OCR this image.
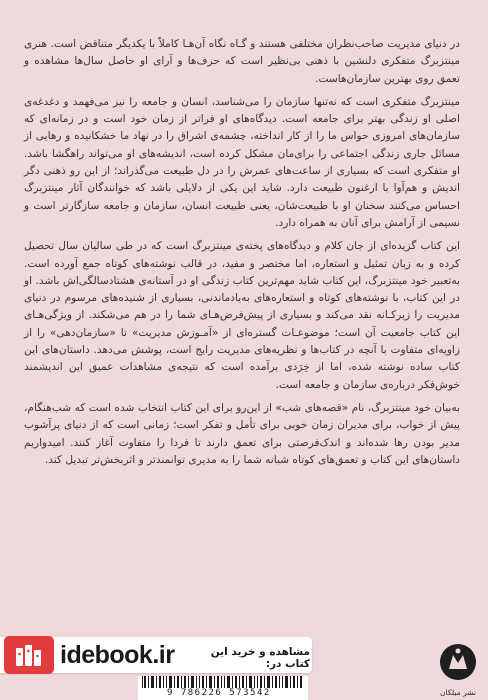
در دنیای مدیریت صاحب‌نظران مختلفی هستند و گـاه نگاه آن‌هـا کاملاً با یکدیگر متناقض است. هنری مینتزبرگ متفکری دلنشین با ذهنی بی‌نظیر است که حرف‌ها و آرای او حاصل سال‌ها مشاهده و تعمق روی بهترین سازمان‌هاست.

مینتزبرگ متفکری است که نه‌تنها سازمان را می‌شناسد، انسان و جامعه را نیز می‌فهمد و دغدغه‌ی اصلی او زندگی بهتر برای جامعه است. دیدگاه‌های او فراتر از زمان خود است و در زمانه‌ای که سازمان‌های امروزی حواس ما را از کار انداخته، چشمه‌ی اشراق را در نهاد ما خشکانیده و رهایی از مسائل جاری زندگی اجتماعی را برای‌مان مشکل کرده است، اندیشه‌های او می‌تواند راهگشا باشد. او متفکری است که بسیاری از ساعت‌های عمرش را در دل طبیعت می‌گذراند؛ از این رو ذهنی دگر اندیش و هم‌آوا با ارغنون طبیعت دارد. شاید این یکی از دلایلی باشد که خوانندگان آثار مینتزبرگ احساس می‌کنند سخنان او با طبیعت‌شان، یعنی طبیعت انسان، سازمان و جامعه سازگارتر است و نسیمی از آرامش برای آنان به همراه دارد.

این کتاب گزیده‌ای از جان کلام و دیدگاه‌های پخته‌ی مینتزبرگ است که در طی سالیان سال تحصیل کرده و به زبان تمثیل و استعاره، اما مختصر و مفید، در قالب نوشته‌های کوتاه جمع آورده است. به‌تعبیر خود مینتزبرگ، این کتاب شاید مهم‌ترین کتاب زندگی او در آستانه‌ی هشتادسالگی‌اش باشد. او در این کتاب، با نوشته‌های کوتاه و استعاره‌های به‌یادماندنی، بسیاری از شنیده‌های مرسوم در دنیای مدیریت را زیرکـانه نقد می‌کند و بسیاری از پیش‌فرض‌هـای شما را در هم می‌شکند. از ویژگی‌هـای این کتاب جامعیت آن است؛ موضوعـات گستره‌ای از «آمـوزش مدیریت» تا «سازمان‌دهی» را از زاویه‌ای متفاوت با آنچه در کتاب‌ها و نظریه‌های مدیریت رایج است، پوشش می‌دهد. داستان‌های این کتاب ساده نوشته شده، اما از خِرَدی برآمده است که نتیجه‌ی مشاهدات عمیق این اندیشمند خوش‌فکر درباره‌ی سازمان و جامعه است.

به‌بیان خود مینتزبرگ، نام «قصه‌های شب» از این‌رو برای این کتاب انتخاب شده است که شب‌هنگام، پیش از خواب، برای مدیران زمان خوبی برای تأمل و تفکر است؛ زمانی است که از دنیای پرآشوب مدیر بودن رها شده‌اند و اندک‌فرصتی برای تعمق دارند تا فردا را متفاوت آغاز کنند. امیدواریم داستان‌های این کتاب و تعمق‌های کوتاه شبانه شما را به مدیری توانمندتر و اثربخش‌تر تبدیل کند.

idebook.ir	مشاهده و خرید این کتاب در:
9 786226 573542	نشر میلکان
